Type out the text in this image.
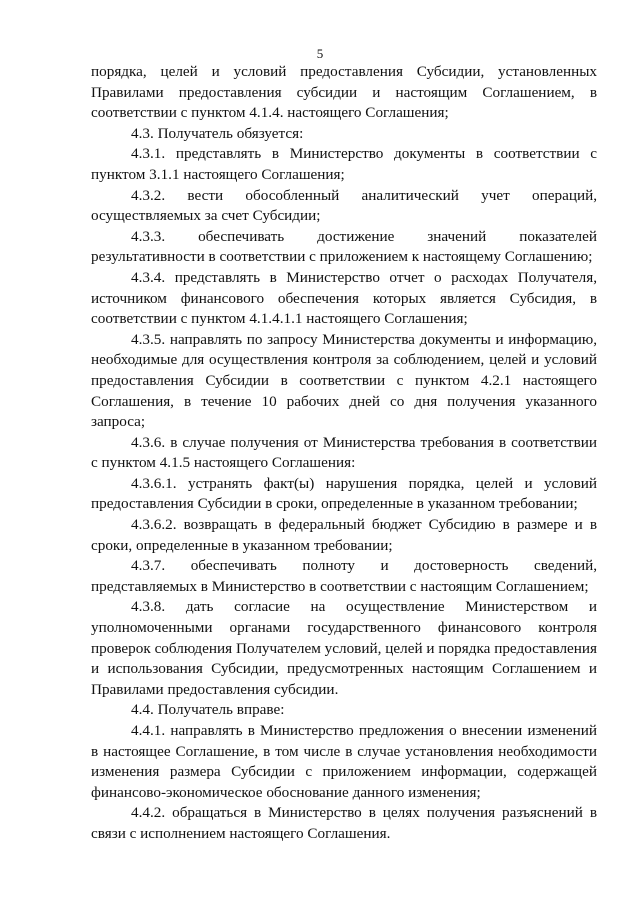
5

порядка, целей и условий предоставления Субсидии, установленных Правилами предоставления субсидии и настоящим Соглашением, в соответствии с пунктом 4.1.4. настоящего Соглашения;

4.3. Получатель обязуется:

4.3.1. представлять в Министерство документы в соответствии с пунктом 3.1.1 настоящего Соглашения;

4.3.2. вести обособленный аналитический учет операций, осуществляемых за счет Субсидии;

4.3.3. обеспечивать достижение значений показателей результативности в соответствии с приложением к настоящему Соглашению;

4.3.4. представлять в Министерство отчет о расходах Получателя, источником финансового обеспечения которых является Субсидия, в соответствии с пунктом 4.1.4.1.1 настоящего Соглашения;

4.3.5. направлять по запросу Министерства документы и информацию, необходимые для осуществления контроля за соблюдением, целей и условий предоставления Субсидии в соответствии с пунктом 4.2.1 настоящего Соглашения, в течение 10 рабочих дней со дня получения указанного запроса;

4.3.6. в случае получения от Министерства требования в соответствии с пунктом 4.1.5 настоящего Соглашения:

4.3.6.1. устранять факт(ы) нарушения порядка, целей и условий предоставления Субсидии в сроки, определенные в указанном требовании;

4.3.6.2. возвращать в федеральный бюджет Субсидию в размере и в сроки, определенные в указанном требовании;

4.3.7. обеспечивать полноту и достоверность сведений, представляемых в Министерство в соответствии с настоящим Соглашением;

4.3.8. дать согласие на осуществление Министерством и уполномоченными органами государственного финансового контроля проверок соблюдения Получателем условий, целей и порядка предоставления и использования Субсидии, предусмотренных настоящим Соглашением и Правилами предоставления субсидии.

4.4. Получатель вправе:

4.4.1. направлять в Министерство предложения о внесении изменений в настоящее Соглашение, в том числе в случае установления необходимости изменения размера Субсидии с приложением информации, содержащей финансово-экономическое обоснование данного изменения;

4.4.2. обращаться в Министерство в целях получения разъяснений в связи с исполнением настоящего Соглашения.
